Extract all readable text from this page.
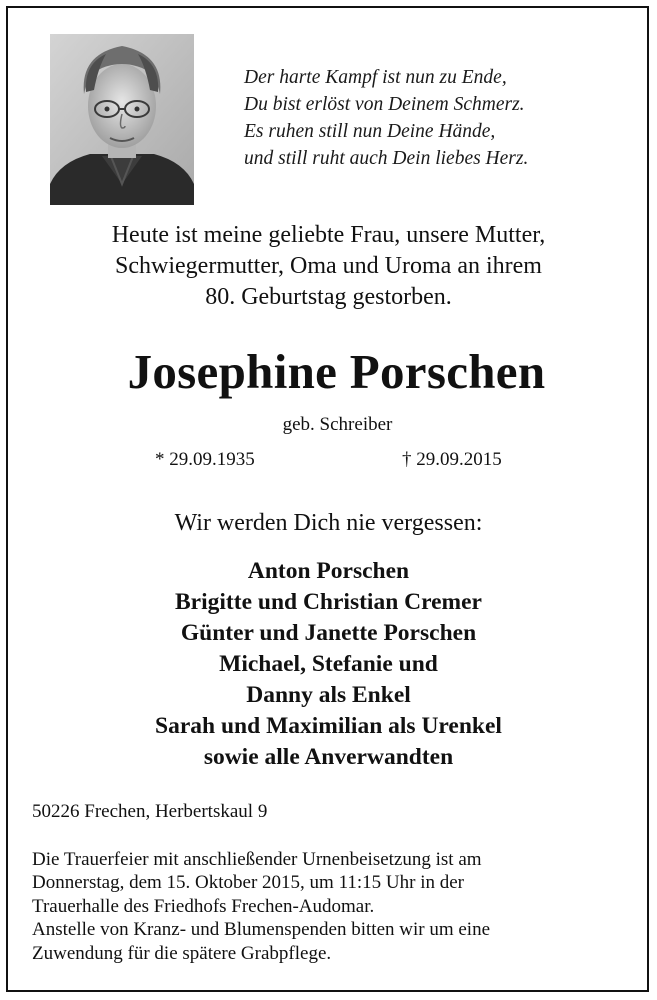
Der harte Kampf ist nun zu Ende,
Du bist erlöst von Deinem Schmerz.
Es ruhen still nun Deine Hände,
und still ruht auch Dein liebes Herz.
Heute ist meine geliebte Frau, unsere Mutter,
Schwiegermutter, Oma und Uroma an ihrem
80. Geburtstag gestorben.
Josephine Porschen
geb. Schreiber
* 29.09.1935	† 29.09.2015
Wir werden Dich nie vergessen:
Anton Porschen
Brigitte und Christian Cremer
Günter und Janette Porschen
Michael, Stefanie und
Danny als Enkel
Sarah und Maximilian als Urenkel
sowie alle Anverwandten
50226 Frechen, Herbertskaul 9
Die Trauerfeier mit anschließender Urnenbeisetzung ist am
Donnerstag, dem 15. Oktober 2015, um 11:15 Uhr in der
Trauerhalle des Friedhofs Frechen-Audomar.
Anstelle von Kranz- und Blumenspenden bitten wir um eine
Zuwendung für die spätere Grabpflege.
